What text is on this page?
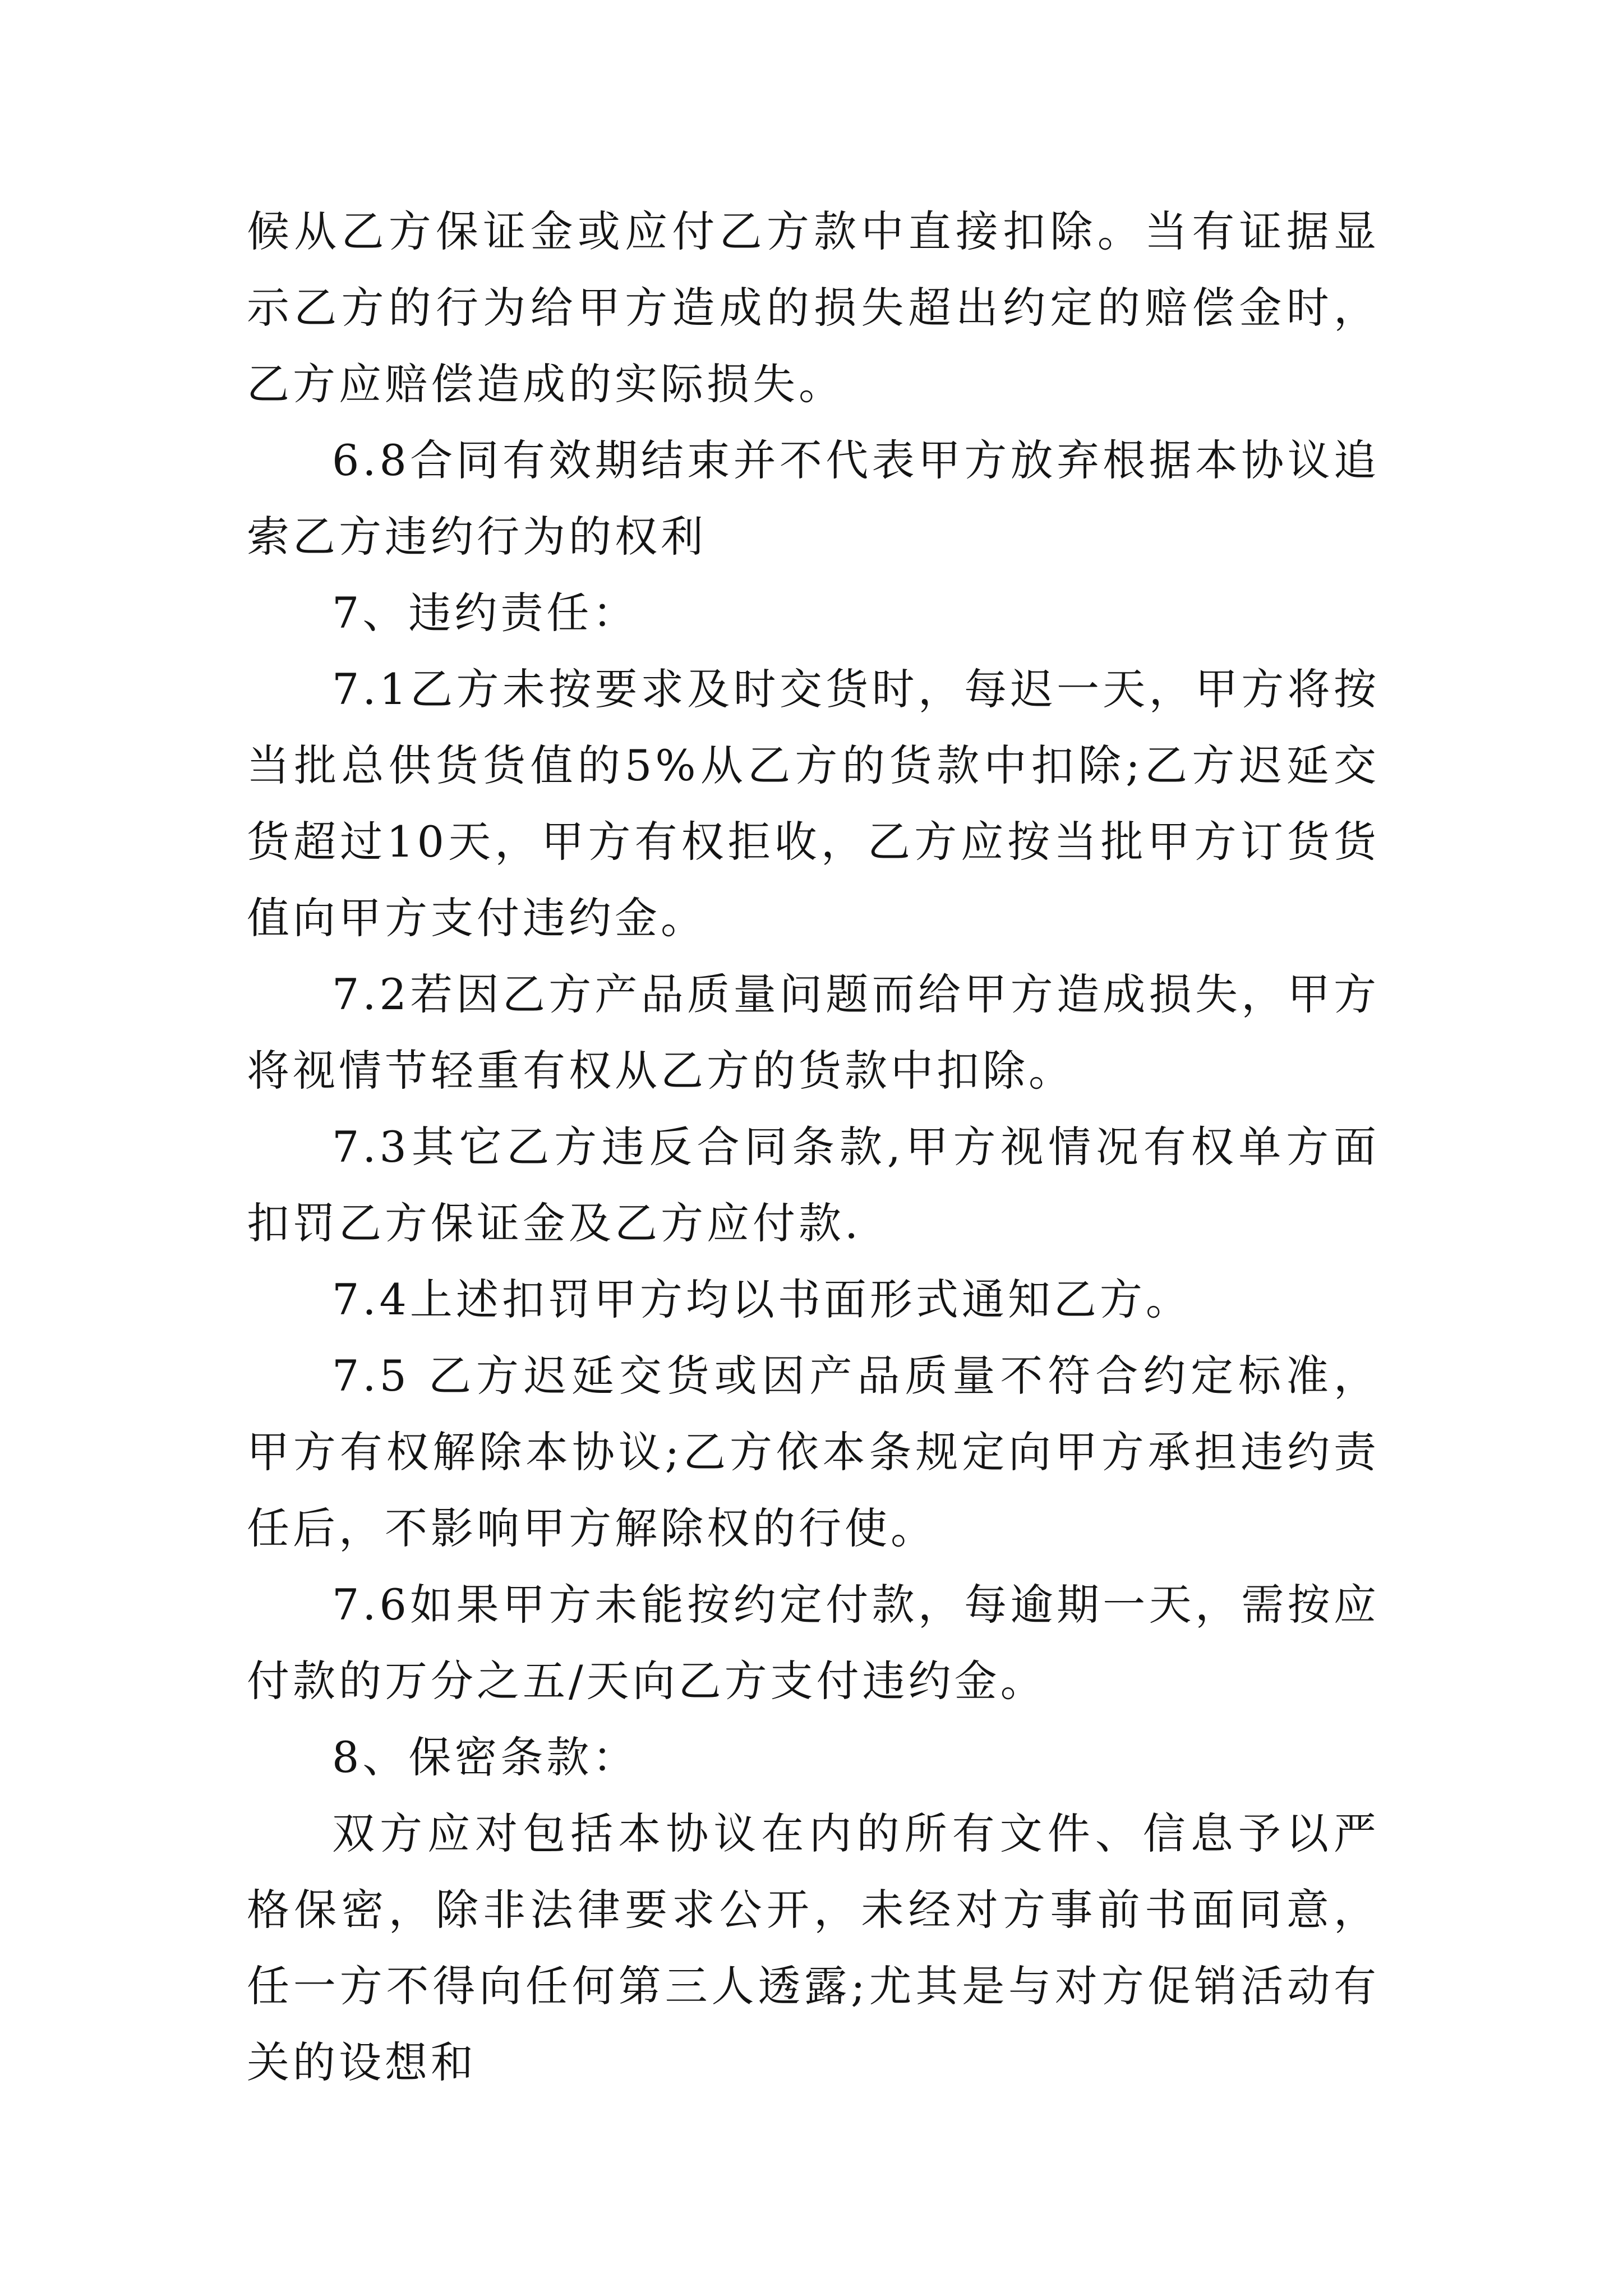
候从乙方保证金或应付乙方款中直接扣除。当有证据显示乙方的行为给甲方造成的损失超出约定的赔偿金时，乙方应赔偿造成的实际损失。

6.8合同有效期结束并不代表甲方放弃根据本协议追索乙方违约行为的权利

7、违约责任：

7.1乙方未按要求及时交货时，每迟一天，甲方将按当批总供货货值的5%从乙方的货款中扣除;乙方迟延交货超过10天，甲方有权拒收，乙方应按当批甲方订货货值向甲方支付违约金。

7.2若因乙方产品质量问题而给甲方造成损失，甲方将视情节轻重有权从乙方的货款中扣除。

7.3其它乙方违反合同条款,甲方视情况有权单方面扣罚乙方保证金及乙方应付款.

7.4上述扣罚甲方均以书面形式通知乙方。

7.5 乙方迟延交货或因产品质量不符合约定标准，甲方有权解除本协议;乙方依本条规定向甲方承担违约责任后，不影响甲方解除权的行使。

7.6如果甲方未能按约定付款，每逾期一天，需按应付款的万分之五/天向乙方支付违约金。

8、保密条款：

双方应对包括本协议在内的所有文件、信息予以严格保密，除非法律要求公开，未经对方事前书面同意，任一方不得向任何第三人透露;尤其是与对方促销活动有关的设想和
